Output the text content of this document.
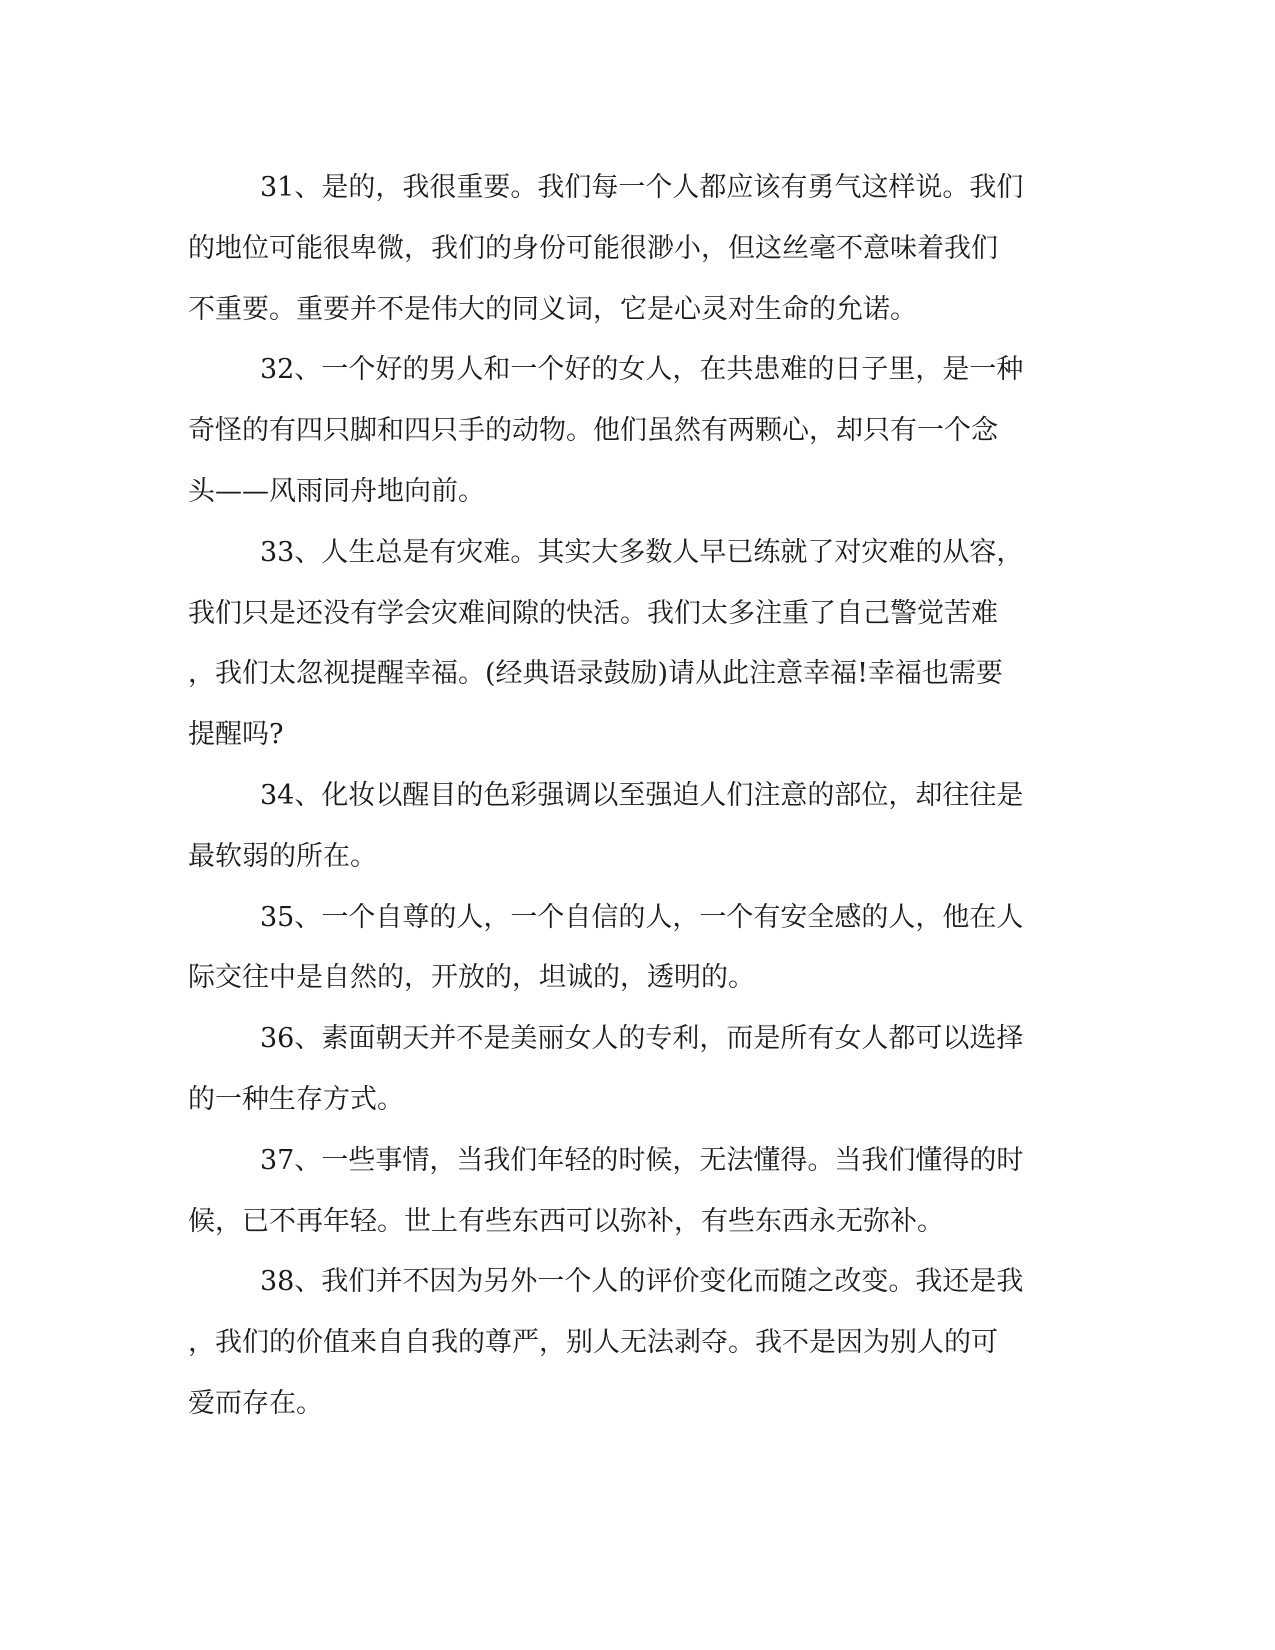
31、是的，我很重要。我们每一个人都应该有勇气这样说。我们
的地位可能很卑微，我们的身份可能很渺小，但这丝毫不意味着我们
不重要。重要并不是伟大的同义词，它是心灵对生命的允诺。
32、一个好的男人和一个好的女人，在共患难的日子里，是一种
奇怪的有四只脚和四只手的动物。他们虽然有两颗心，却只有一个念
头——风雨同舟地向前。
33、人生总是有灾难。其实大多数人早已练就了对灾难的从容，
我们只是还没有学会灾难间隙的快活。我们太多注重了自己警觉苦难
，我们太忽视提醒幸福。(经典语录鼓励)请从此注意幸福!幸福也需要
提醒吗?
34、化妆以醒目的色彩强调以至强迫人们注意的部位，却往往是
最软弱的所在。
35、一个自尊的人，一个自信的人，一个有安全感的人，他在人
际交往中是自然的，开放的，坦诚的，透明的。
36、素面朝天并不是美丽女人的专利，而是所有女人都可以选择
的一种生存方式。
37、一些事情，当我们年轻的时候，无法懂得。当我们懂得的时
候，已不再年轻。世上有些东西可以弥补，有些东西永无弥补。
38、我们并不因为另外一个人的评价变化而随之改变。我还是我
，我们的价值来自自我的尊严，别人无法剥夺。我不是因为别人的可
爱而存在。
